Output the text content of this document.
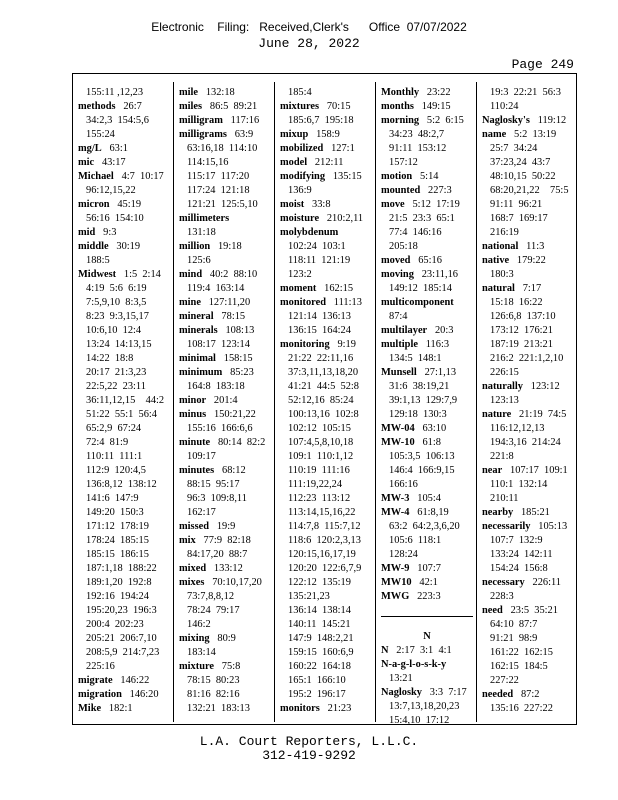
Electronic    Filing:   Received,Clerk's      Office  07/07/2022
June 28, 2022
Page 249
155:11 ,12,23
methods   26:7
34:2,3  154:5,6
155:24
mg/L   63:1
mic   43:17
Michael   4:7  10:17
96:12,15,22
micron   45:19
56:16  154:10
mid   9:3
middle   30:19
188:5
Midwest   1:5  2:14
4:19  5:6  6:19
7:5,9,10  8:3,5
8:23  9:3,15,17
10:6,10  12:4
13:24  14:13,15
14:22  18:8
20:17  21:3,23
22:5,22  23:11
36:11,12,15    44:2
51:22  55:1  56:4
65:2,9  67:24
72:4  81:9
110:11  111:1
112:9  120:4,5
136:8,12  138:12
141:6  147:9
149:20  150:3
171:12  178:19
178:24  185:15
185:15  186:15
187:1,18  188:22
189:1,20  192:8
192:16  194:24
195:20,23  196:3
200:4  202:23
205:21  206:7,10
208:5,9  214:7,23
225:16
migrate   146:22
migration   146:20
Mike   182:1
mile   132:18
miles   86:5  89:21
milligram   117:16
milligrams   63:9
63:16,18  114:10
114:15,16
115:17  117:20
117:24  121:18
121:21  125:5,10
millimeters
131:18
million   19:18
125:6
mind   40:2  88:10
119:4  163:14
mine   127:11,20
mineral   78:15
minerals   108:13
108:17  123:14
minimal   158:15
minimum   85:23
164:8  183:18
minor   201:4
minus   150:21,22
155:16  166:6,6
minute   80:14  82:2
109:17
minutes   68:12
88:15  95:17
96:3  109:8,11
162:17
missed   19:9
mix   77:9  82:18
84:17,20  88:7
mixed   133:12
mixes   70:10,17,20
73:7,8,8,12
78:24  79:17
146:2
mixing   80:9
183:14
mixture   75:8
78:15  80:23
81:16  82:16
132:21  183:13
185:4
mixtures   70:15
185:6,7  195:18
mixup   158:9
mobilized   127:1
model   212:11
modifying   135:15
136:9
moist   33:8
moisture   210:2,11
molybdenum
102:24  103:1
118:11  121:19
123:2
moment   162:15
monitored   111:13
121:14  136:13
136:15  164:24
monitoring   9:19
21:22  22:11,16
37:3,11,13,18,20
41:21  44:5  52:8
52:12,16  85:24
100:13,16  102:8
102:12  105:15
107:4,5,8,10,18
109:1  110:1,12
110:19  111:16
111:19,22,24
112:23  113:12
113:14,15,16,22
114:7,8  115:7,12
118:6  120:2,3,13
120:15,16,17,19
120:20  122:6,7,9
122:12  135:19
135:21,23
136:14  138:14
140:11  145:21
147:9  148:2,21
159:15  160:6,9
160:22  164:18
165:1  166:10
195:2  196:17
monitors   21:23
Monthly   23:22
months   149:15
morning   5:2  6:15
34:23  48:2,7
91:11  153:12
157:12
motion   5:14
mounted   227:3
move   5:12  17:19
21:5  23:3  65:1
77:4  146:16
205:18
moved   65:16
moving   23:11,16
149:12  185:14
multicomponent
87:4
multilayer   20:3
multiple   116:3
134:5  148:1
Munsell   27:1,13
31:6  38:19,21
39:1,13  129:7,9
129:18  130:3
MW-04   63:10
MW-10   61:8
105:3,5  106:13
146:4  166:9,15
166:16
MW-3   105:4
MW-4   61:8,19
63:2  64:2,3,6,20
105:6  118:1
128:24
MW-9   107:7
MW10   42:1
MWG   223:3
N
N   2:17  3:1  4:1
N-a-g-l-o-s-k-y
13:21
Naglosky   3:3  7:17
13:7,13,18,20,23
15:4,10  17:12
19:3  22:21  56:3
110:24
Naglosky's   119:12
name   5:2  13:19
25:7  34:24
37:23,24  43:7
48:10,15  50:22
68:20,21,22    75:5
91:11  96:21
168:7  169:17
216:19
national   11:3
native   179:22
180:3
natural   7:17
15:18  16:22
126:6,8  137:10
173:12  176:21
187:19  213:21
216:2  221:1,2,10
226:15
naturally   123:12
123:13
nature   21:19  74:5
116:12,12,13
194:3,16  214:24
221:8
near   107:17  109:1
110:1  132:14
210:11
nearby   185:21
necessarily   105:13
107:7  132:9
133:24  142:11
154:24  156:8
necessary   226:11
228:3
need   23:5  35:21
64:10  87:7
91:21  98:9
161:22  162:15
162:15  184:5
227:22
needed   87:2
135:16  227:22
L.A. Court Reporters, L.L.C.
312-419-9292
